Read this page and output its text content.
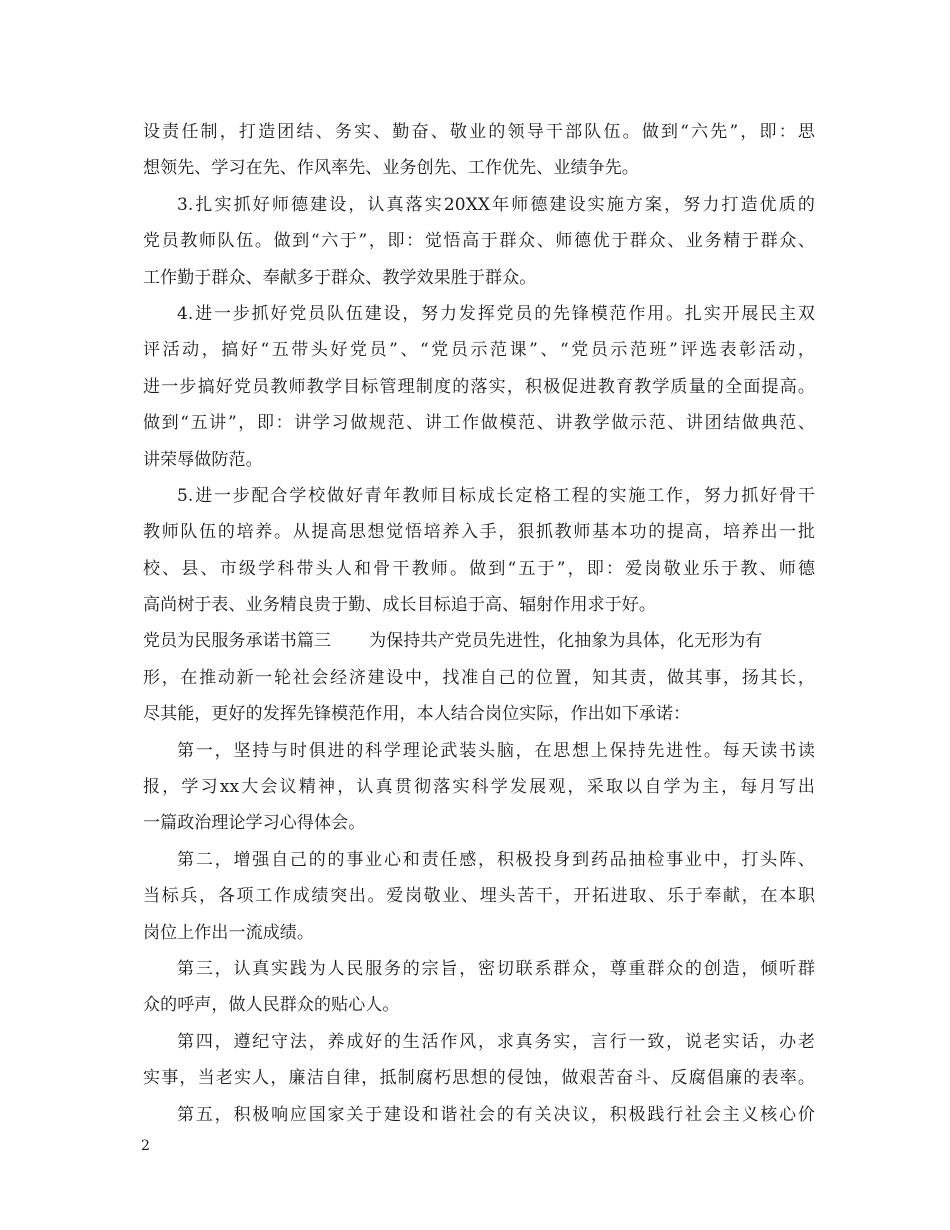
设责任制，打造团结、务实、勤奋、敬业的领导干部队伍。做到“六先”，即：思
想领先、学习在先、作风率先、业务创先、工作优先、业绩争先。
3.扎实抓好师德建设，认真落实20XX年师德建设实施方案，努力打造优质的
党员教师队伍。做到“六于”，即：觉悟高于群众、师德优于群众、业务精于群众、
工作勤于群众、奉献多于群众、教学效果胜于群众。
4.进一步抓好党员队伍建设，努力发挥党员的先锋模范作用。扎实开展民主双
评活动，搞好“五带头好党员”、“党员示范课”、“党员示范班”评选表彰活动，
进一步搞好党员教师教学目标管理制度的落实，积极促进教育教学质量的全面提高。
做到“五讲”，即：讲学习做规范、讲工作做模范、讲教学做示范、讲团结做典范、
讲荣辱做防范。
5.进一步配合学校做好青年教师目标成长定格工程的实施工作，努力抓好骨干
教师队伍的培养。从提高思想觉悟培养入手，狠抓教师基本功的提高，培养出一批
校、县、市级学科带头人和骨干教师。做到“五于”，即：爱岗敬业乐于教、师德
高尚树于表、业务精良贵于勤、成长目标追于高、辐射作用求于好。
党员为民服务承诺书篇三 为保持共产党员先进性，化抽象为具体，化无形为有
形，在推动新一轮社会经济建设中，找准自己的位置，知其责，做其事，扬其长，
尽其能，更好的发挥先锋模范作用，本人结合岗位实际，作出如下承诺：
第一，坚持与时俱进的科学理论武装头脑，在思想上保持先进性。每天读书读
报，学习xx大会议精神，认真贯彻落实科学发展观，采取以自学为主，每月写出
一篇政治理论学习心得体会。
第二，增强自己的的事业心和责任感，积极投身到药品抽检事业中，打头阵、
当标兵，各项工作成绩突出。爱岗敬业、埋头苦干，开拓进取、乐于奉献，在本职
岗位上作出一流成绩。
第三，认真实践为人民服务的宗旨，密切联系群众，尊重群众的创造，倾听群
众的呼声，做人民群众的贴心人。
第四，遵纪守法，养成好的生活作风，求真务实，言行一致，说老实话，办老
实事，当老实人，廉洁自律，抵制腐朽思想的侵蚀，做艰苦奋斗、反腐倡廉的表率。
第五，积极响应国家关于建设和谐社会的有关决议，积极践行社会主义核心价
2
